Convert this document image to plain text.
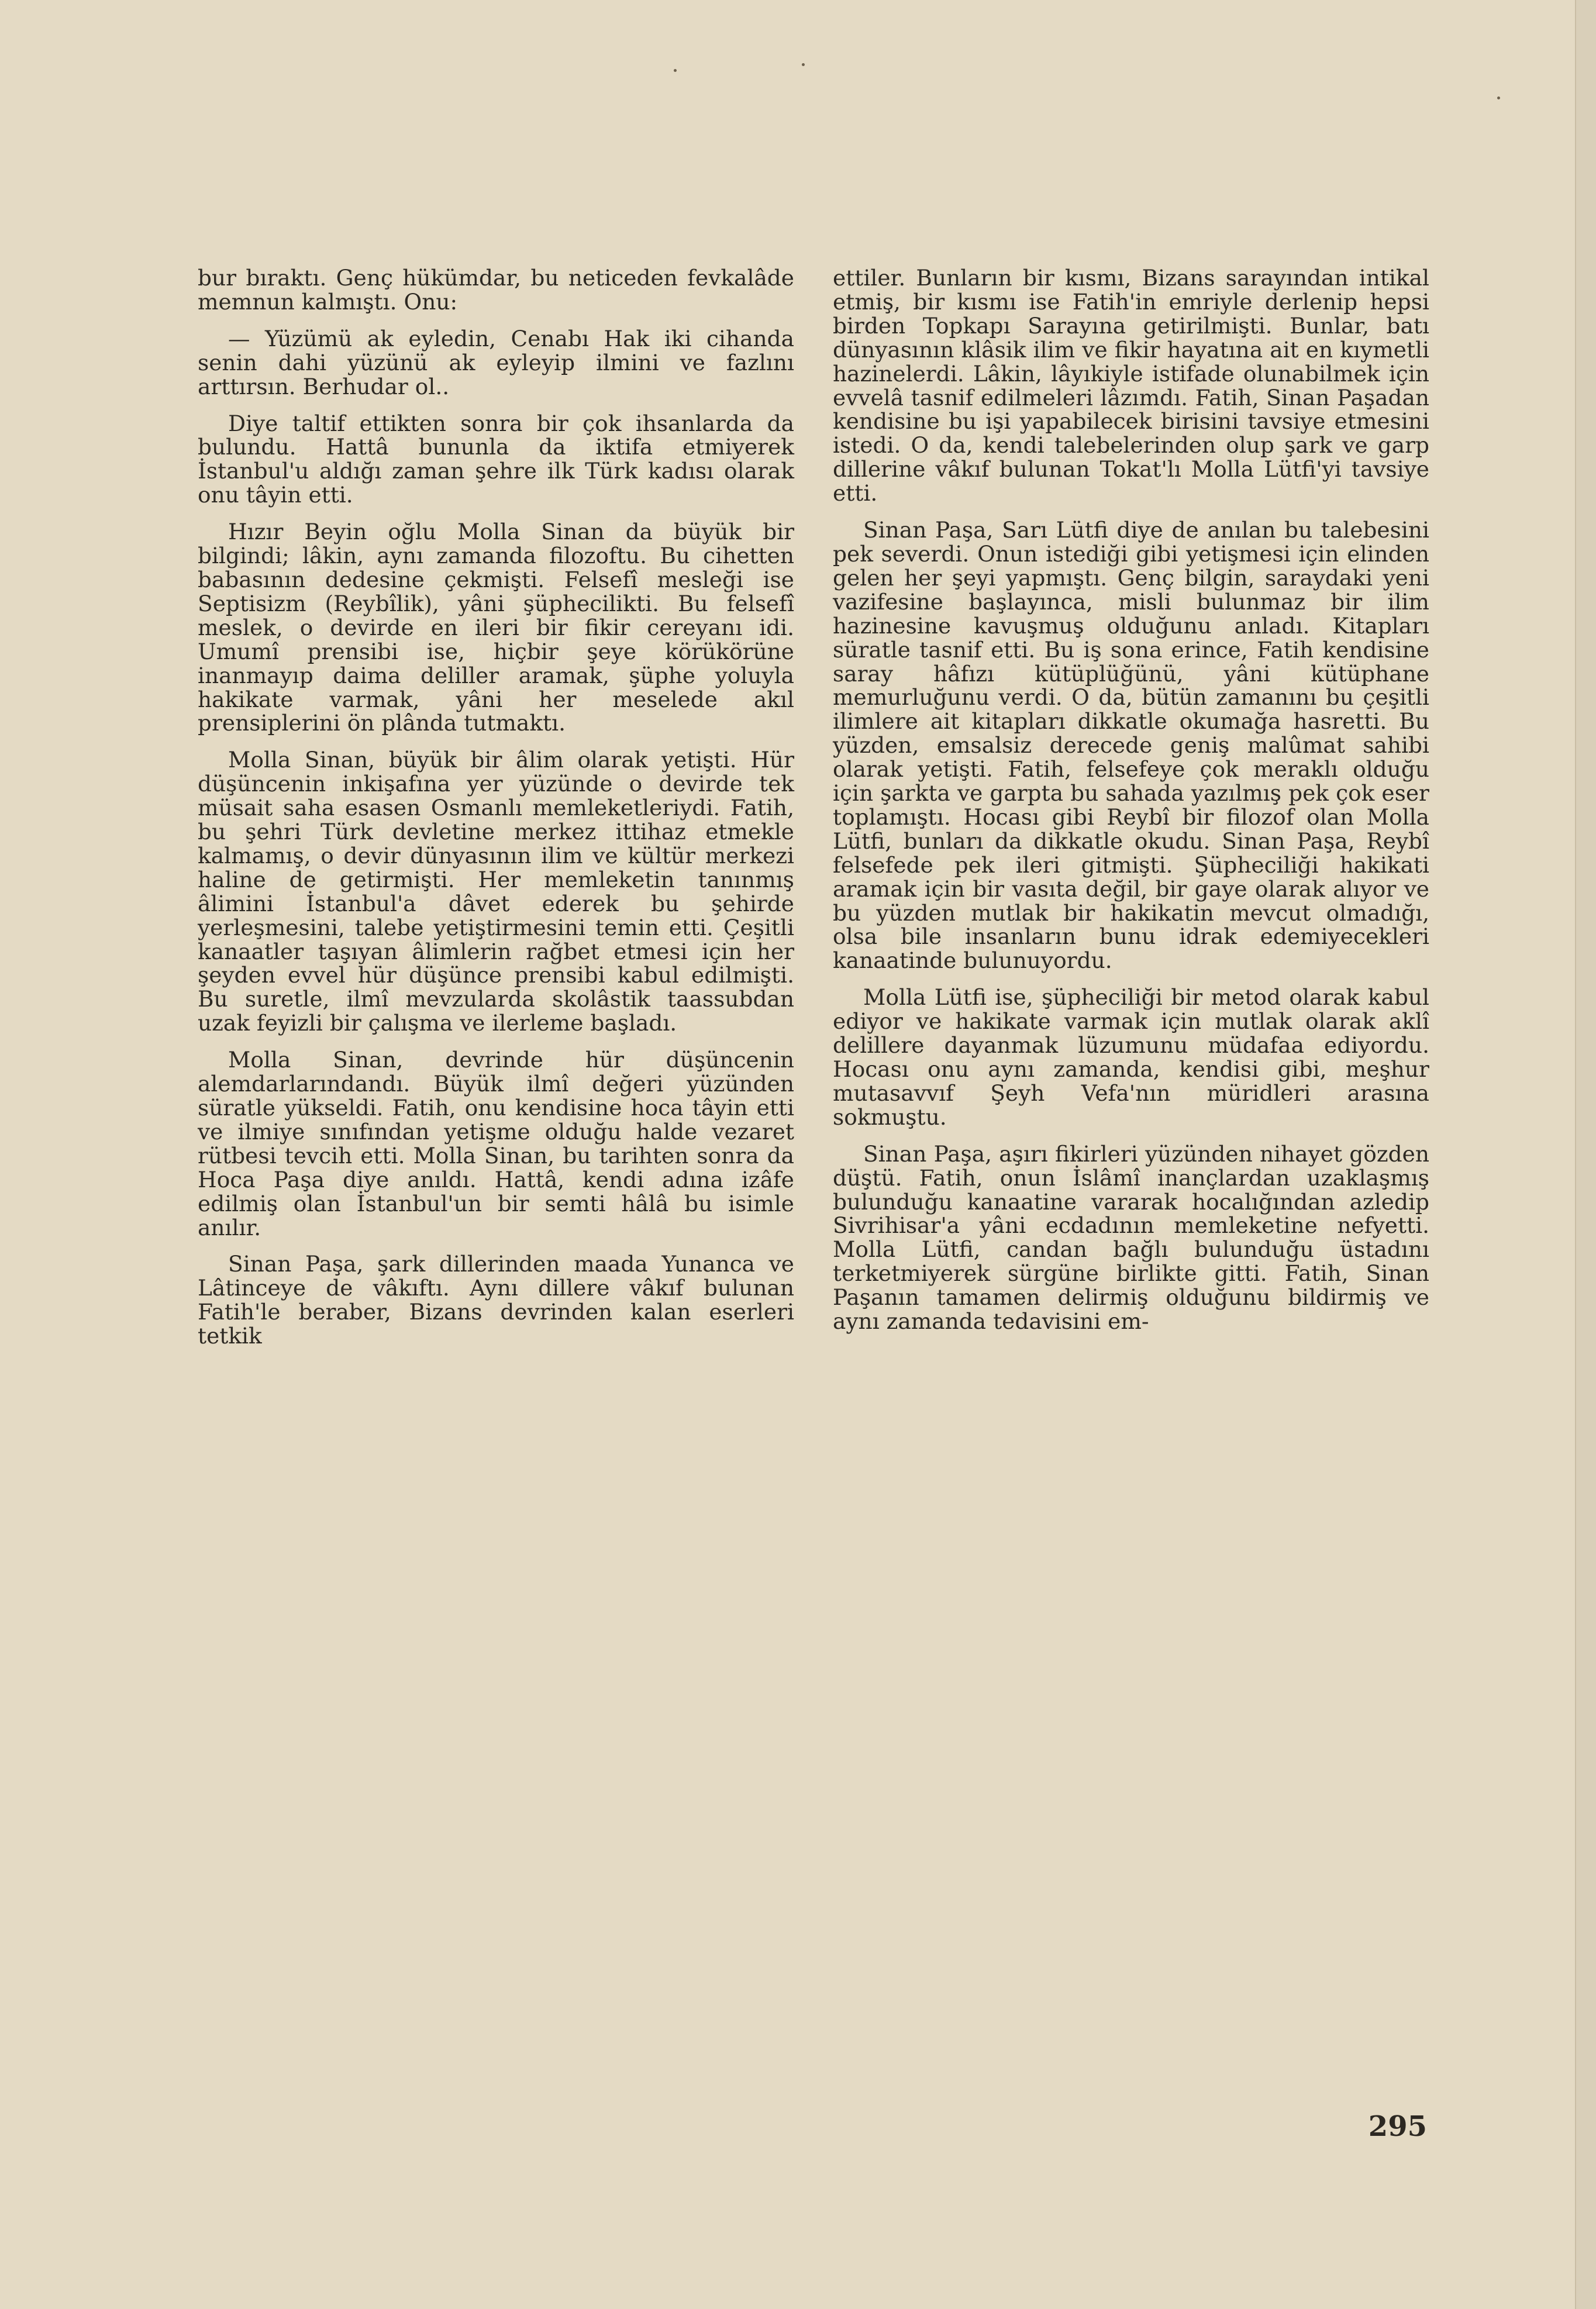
bur bıraktı. Genç hükümdar, bu neticeden fevkalâde memnun kalmıştı. Onu:

— Yüzümü ak eyledin, Cenabı Hak iki cihanda senin dahi yüzünü ak eyleyip ilmini ve fazlını arttırsın. Berhudar ol..

Diye taltif ettikten sonra bir çok ihsanlarda da bulundu. Hattâ bununla da iktifa etmiyerek İstanbul'u aldığı zaman şehre ilk Türk kadısı olarak onu tâyin etti.

Hızır Beyin oğlu Molla Sinan da büyük bir bilgindi; lâkin, aynı zamanda filozoftu. Bu cihetten babasının dedesine çekmişti. Felsefî mesleği ise Septisizm (Reybîlik), yâni şüphecilikti. Bu felsefî meslek, o devirde en ileri bir fikir cereyanı idi. Umumî prensibi ise, hiçbir şeye körükörüne inanmayıp daima deliller aramak, şüphe yoluyla hakikate varmak, yâni her meselede akıl prensiplerini ön plânda tutmaktı.

Molla Sinan, büyük bir âlim olarak yetişti. Hür düşüncenin inkişafına yer yüzünde o devirde tek müsait saha esasen Osmanlı memleketleriydi. Fatih, bu şehri Türk devletine merkez ittihaz etmekle kalmamış, o devir dünyasının ilim ve kültür merkezi haline de getirmişti. Her memleketin tanınmış âlimini İstanbul'a dâvet ederek bu şehirde yerleşmesini, talebe yetiştirmesini temin etti. Çeşitli kanaatler taşıyan âlimlerin rağbet etmesi için her şeyden evvel hür düşünce prensibi kabul edilmişti. Bu suretle, ilmî mevzularda skolâstik taassubdan uzak feyizli bir çalışma ve ilerleme başladı.

Molla Sinan, devrinde hür düşüncenin alemdarlarındandı. Büyük ilmî değeri yüzünden süratle yükseldi. Fatih, onu kendisine hoca tâyin etti ve ilmiye sınıfından yetişme olduğu halde vezaret rütbesi tevcih etti. Molla Sinan, bu tarihten sonra da Hoca Paşa diye anıldı. Hattâ, kendi adına izâfe edilmiş olan İstanbul'un bir semti hâlâ bu isimle anılır.

Sinan Paşa, şark dillerinden maada Yunanca ve Lâtinceye de vâkıftı. Aynı dillere vâkıf bulunan Fatih'le beraber, Bizans devrinden kalan eserleri tetkik

ettiler. Bunların bir kısmı, Bizans sarayından intikal etmiş, bir kısmı ise Fatih'in emriyle derlenip hepsi birden Topkapı Sarayına getirilmişti. Bunlar, batı dünyasının klâsik ilim ve fikir hayatına ait en kıymetli hazinelerdi. Lâkin, lâyıkiyle istifade olunabilmek için evvelâ tasnif edilmeleri lâzımdı. Fatih, Sinan Paşadan kendisine bu işi yapabilecek birisini tavsiye etmesini istedi. O da, kendi talebelerinden olup şark ve garp dillerine vâkıf bulunan Tokat'lı Molla Lütfi'yi tavsiye etti.

Sinan Paşa, Sarı Lütfi diye de anılan bu talebesini pek severdi. Onun istediği gibi yetişmesi için elinden gelen her şeyi yapmıştı. Genç bilgin, saraydaki yeni vazifesine başlayınca, misli bulunmaz bir ilim hazinesine kavuşmuş olduğunu anladı. Kitapları süratle tasnif etti. Bu iş sona erince, Fatih kendisine saray hâfızı kütüplüğünü, yâni kütüphane memurluğunu verdi. O da, bütün zamanını bu çeşitli ilimlere ait kitapları dikkatle okumağa hasretti. Bu yüzden, emsalsiz derecede geniş malûmat sahibi olarak yetişti. Fatih, felsefeye çok meraklı olduğu için şarkta ve garpta bu sahada yazılmış pek çok eser toplamıştı. Hocası gibi Reybî bir filozof olan Molla Lütfi, bunları da dikkatle okudu. Sinan Paşa, Reybî felsefede pek ileri gitmişti. Şüpheciliği hakikati aramak için bir vasıta değil, bir gaye olarak alıyor ve bu yüzden mutlak bir hakikatin mevcut olmadığı, olsa bile insanların bunu idrak edemiyecekleri kanaatinde bulunuyordu.

Molla Lütfi ise, şüpheciliği bir metod olarak kabul ediyor ve hakikate varmak için mutlak olarak aklî delillere dayanmak lüzumunu müdafaa ediyordu. Hocası onu aynı zamanda, kendisi gibi, meşhur mutasavvıf Şeyh Vefa'nın müridleri arasına sokmuştu.

Sinan Paşa, aşırı fikirleri yüzünden nihayet gözden düştü. Fatih, onun İslâmî inançlardan uzaklaşmış bulunduğu kanaatine vararak hocalığından azledip Sivrihisar'a yâni ecdadının memleketine nefyetti. Molla Lütfi, candan bağlı bulunduğu üstadını terketmiyerek sürgüne birlikte gitti. Fatih, Sinan Paşanın tamamen delirmiş olduğunu bildirmiş ve aynı zamanda tedavisini em-

295
